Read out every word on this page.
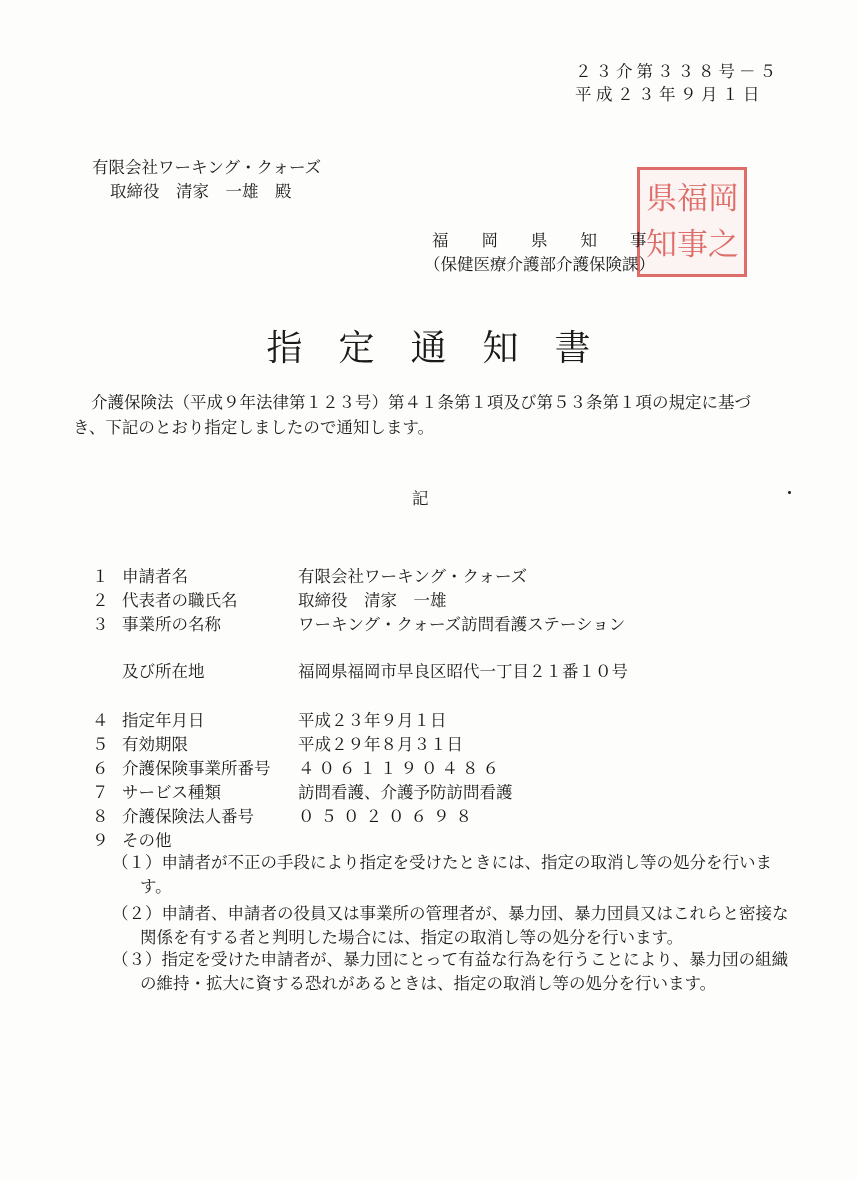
２３介第３３８号－５
平成２３年９月１日
有限会社ワーキング・クォーズ
取締役　清家　一雄　殿	県 福 岡
知 事 之
福　　岡　　県　　知　　事
（保健医療介護部介護保険課）
指定通知書
介護保険法（平成９年法律第１２３号）第４１条第１項及び第５３条第１項の規定に基づき、下記のとおり指定しましたので通知します。
記
１ 申請者名	有限会社ワーキング・クォーズ
２ 代表者の職氏名	取締役　清家　一雄
３ 事業所の名称	ワーキング・クォーズ訪問看護ステーション
及び所在地	福岡県福岡市早良区昭代一丁目２１番１０号
４ 指定年月日	平成２３年９月１日
５ 有効期限	平成２９年８月３１日
６ 介護保険事業所番号 ４０６１１９０４８６
７ サービス種類	訪問看護、介護予防訪問看護
８ 介護保険法人番号	０５０２０６９８
９ その他
（１）申請者が不正の手段により指定を受けたときには、指定の取消し等の処分を行います。
（２）申請者、申請者の役員又は事業所の管理者が、暴力団、暴力団員又はこれらと密接な関係を有する者と判明した場合には、指定の取消し等の処分を行います。
（３）指定を受けた申請者が、暴力団にとって有益な行為を行うことにより、暴力団の組織の維持・拡大に資する恐れがあるときは、指定の取消し等の処分を行います。
